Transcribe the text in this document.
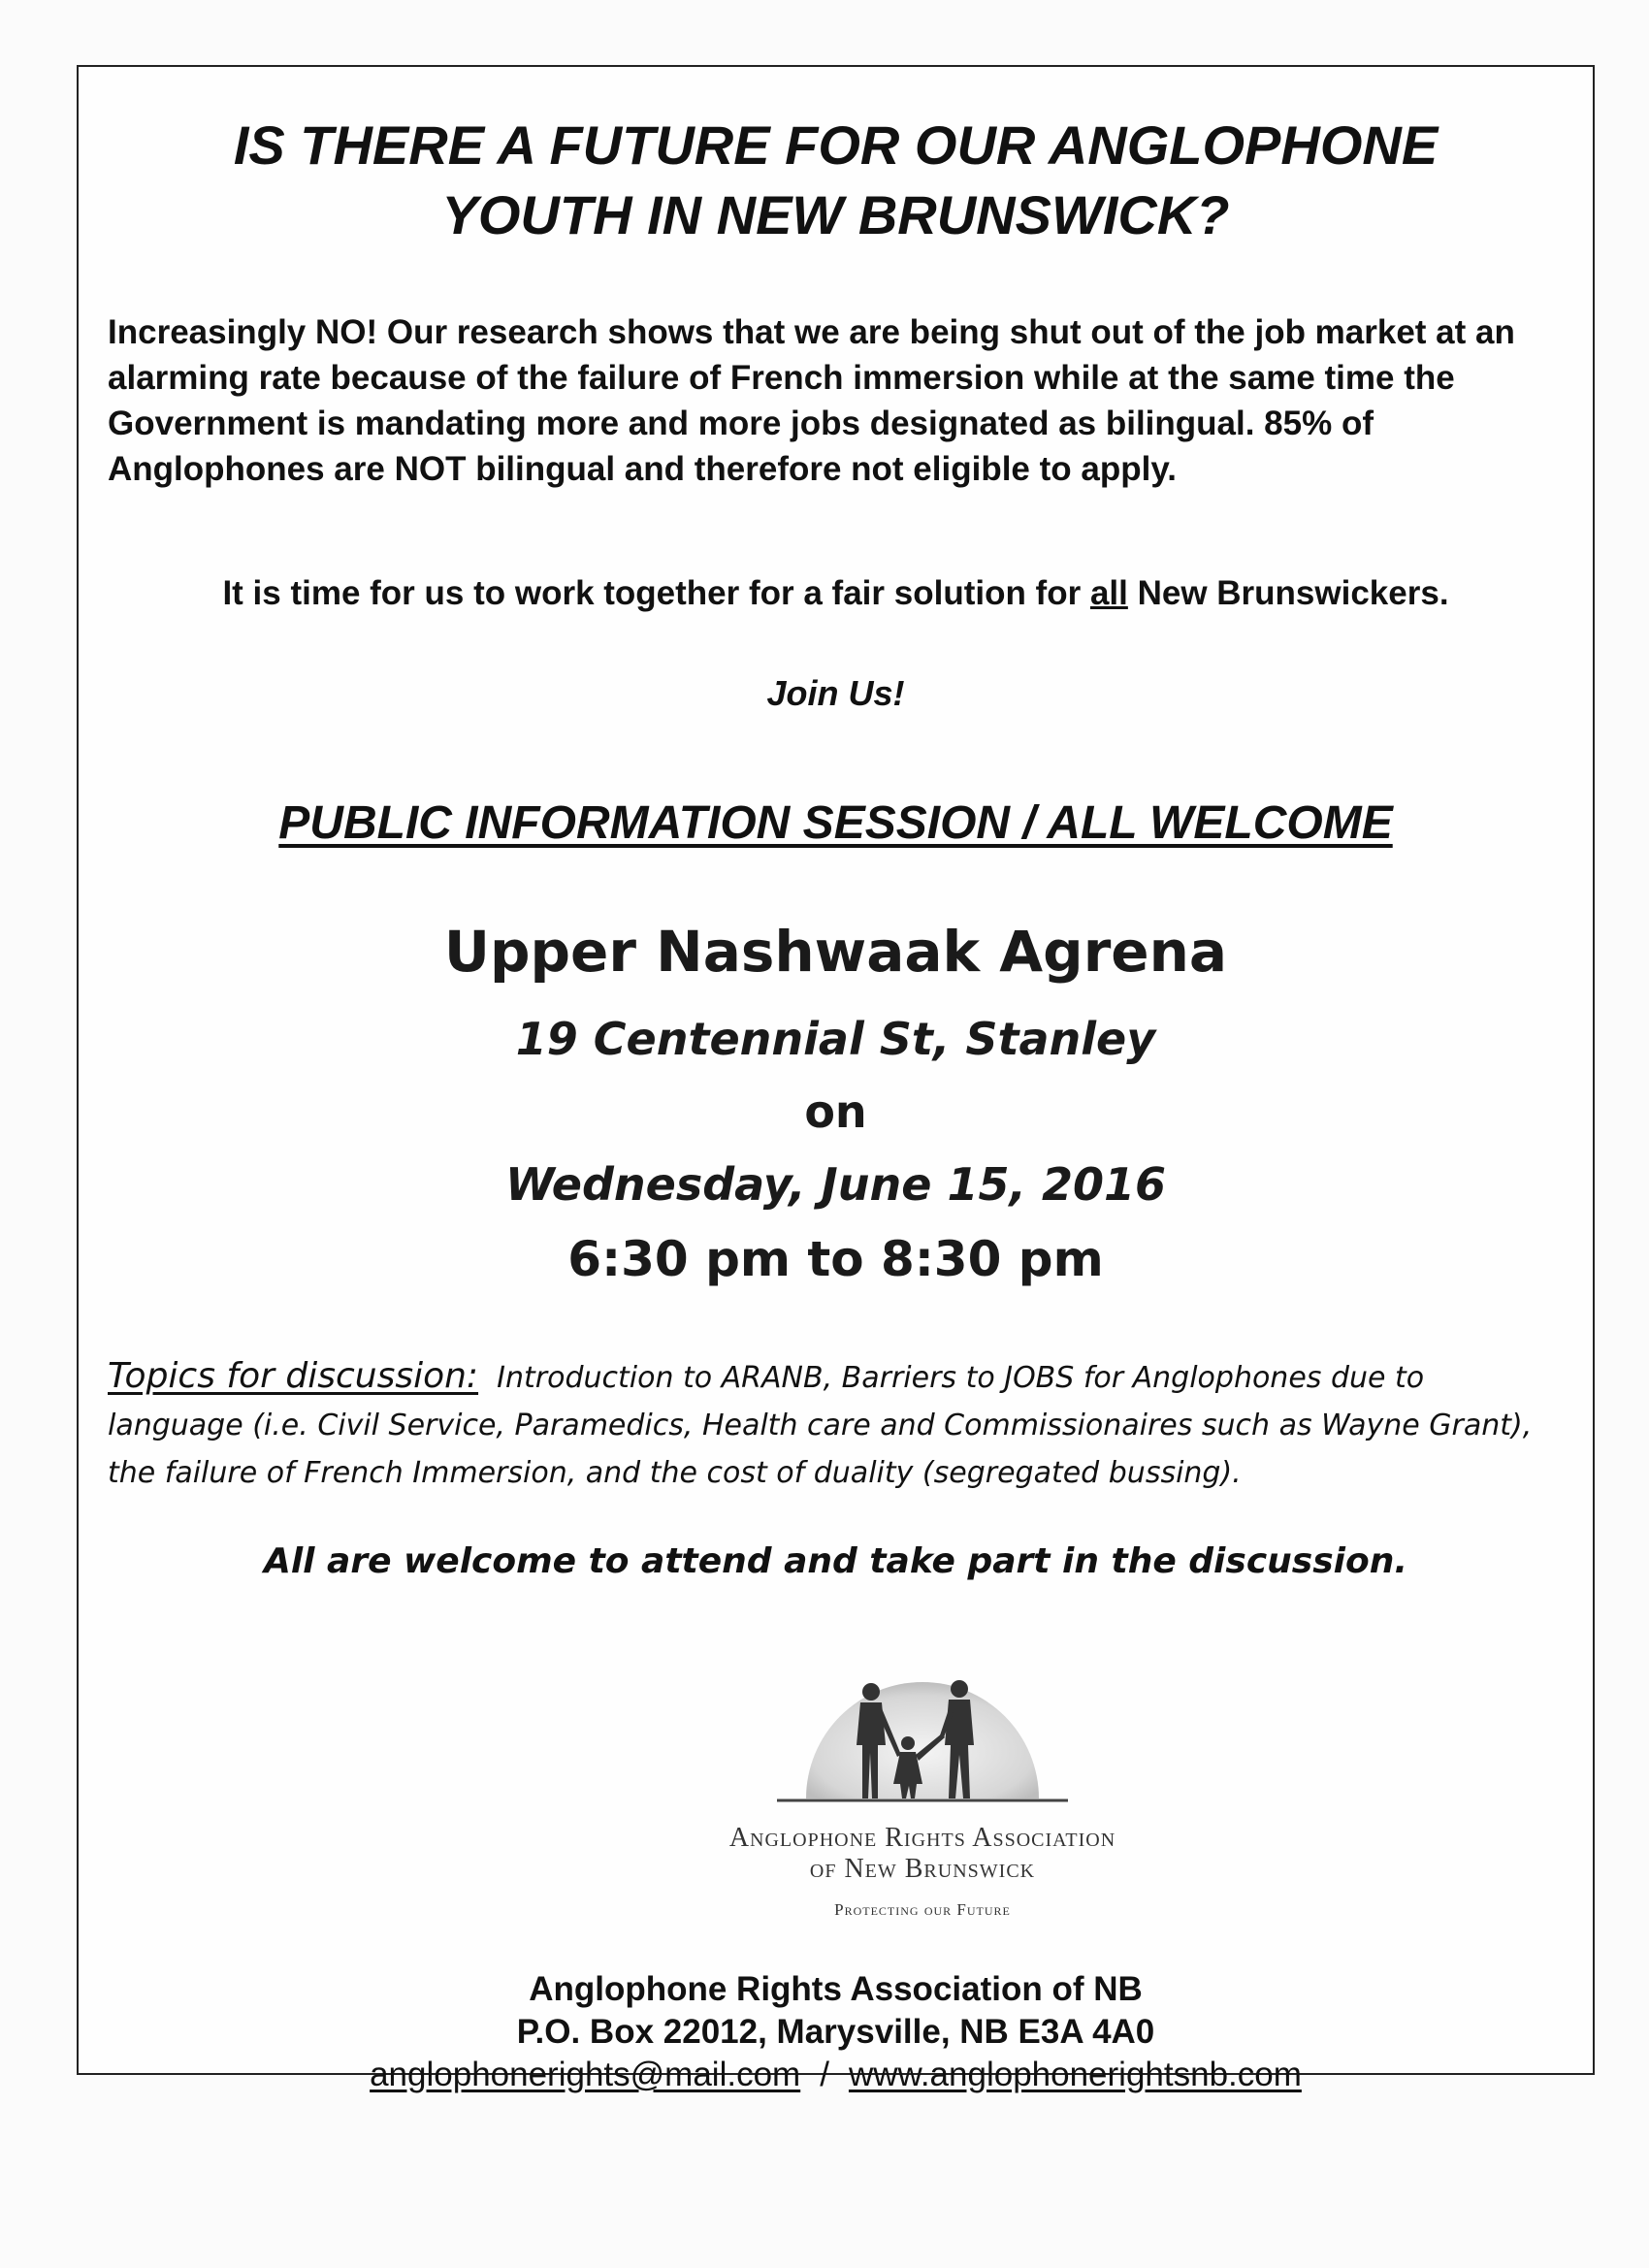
IS THERE A FUTURE FOR OUR ANGLOPHONE
YOUTH IN NEW BRUNSWICK?

Increasingly NO! Our research shows that we are being shut out of the job market at an alarming rate because of the failure of French immersion while at the same time the Government is mandating more and more jobs designated as bilingual. 85% of Anglophones are NOT bilingual and therefore not eligible to apply.

It is time for us to work together for a fair solution for all New Brunswickers.

Join Us!

PUBLIC INFORMATION SESSION / ALL WELCOME

Upper Nashwaak Agrena

19 Centennial St, Stanley

on

Wednesday, June 15, 2016

6:30 pm to 8:30 pm

Topics for discussion: Introduction to ARANB, Barriers to JOBS for Anglophones due to language (i.e. Civil Service, Paramedics, Health care and Commissionaires such as Wayne Grant), the failure of French Immersion, and the cost of duality (segregated bussing).

All are welcome to attend and take part in the discussion.

Anglophone Rights Association

of New Brunswick

Protecting our Future

Anglophone Rights Association of NB
P.O. Box 22012, Marysville, NB E3A 4A0
anglophonerights@mail.com / www.anglophonerightsnb.com
